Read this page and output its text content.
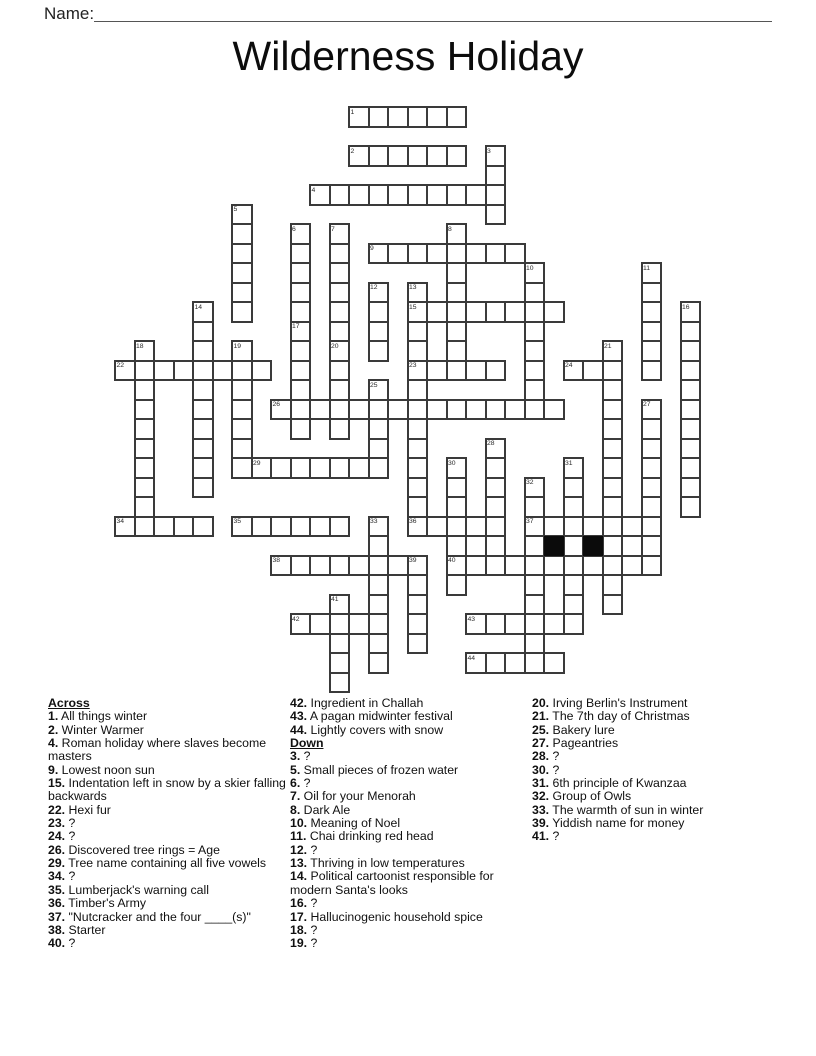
Name:
Wilderness Holiday
1
2
4
9
15
22	23	24
26
29
34	35	36	37
38	40
42	43
44
3
5
6	7	8
10	11
12	13
14	16
17
18	19	20	21
25
27
28
30	31
32
33
39
41
Across
1. All things winter
2. Winter Warmer
4. Roman holiday where slaves become masters
9. Lowest noon sun
15. Indentation left in snow by a skier falling backwards
22. Hexi fur
23. ?
24. ?
26. Discovered tree rings = Age
29. Tree name containing all five vowels
34. ?
35. Lumberjack's warning call
36. Timber's Army
37. "Nutcracker and the four ____(s)"
38. Starter
40. ?
42. Ingredient in Challah
43. A pagan midwinter festival
44. Lightly covers with snow
Down
3. ?
5. Small pieces of frozen water
6. ?
7. Oil for your Menorah
8. Dark Ale
10. Meaning of Noel
11. Chai drinking red head
12. ?
13. Thriving in low temperatures
14. Political cartoonist responsible for modern Santa's looks
16. ?
17. Hallucinogenic household spice
18. ?
19. ?
20. Irving Berlin's Instrument
21. The 7th day of Christmas
25. Bakery lure
27. Pageantries
28. ?
30. ?
31. 6th principle of Kwanzaa
32. Group of Owls
33. The warmth of sun in winter
39. Yiddish name for money
41. ?
